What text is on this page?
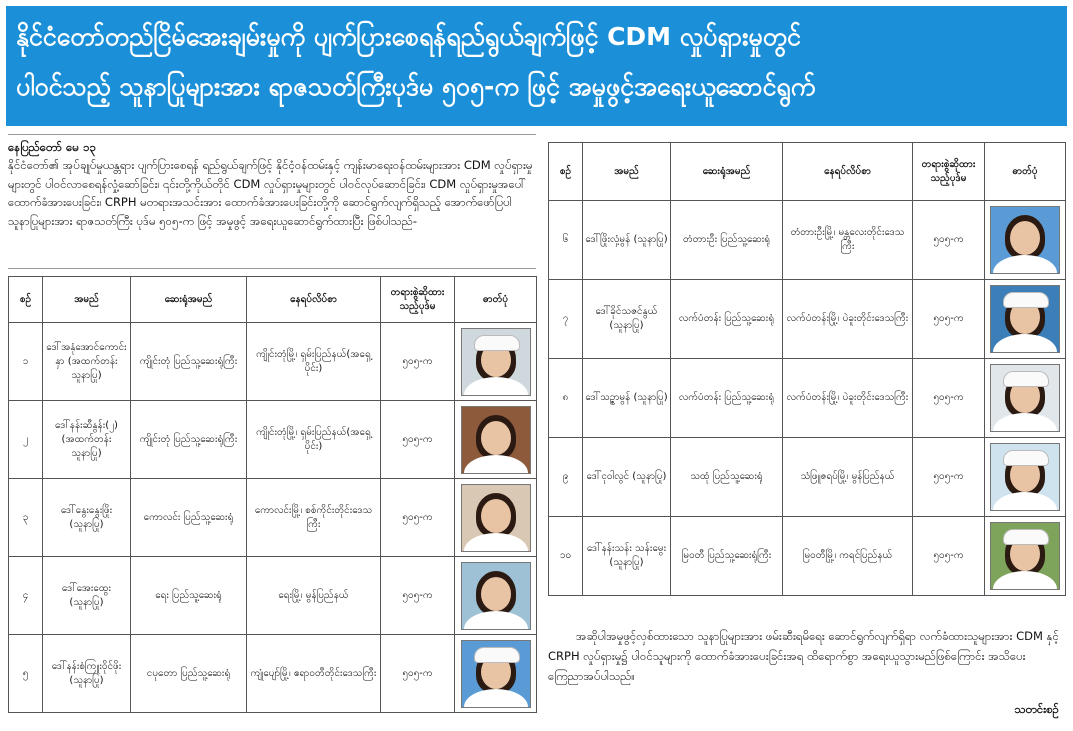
နိုင်ငံတော်တည်ငြိမ်အေးချမ်းမှုကို ပျက်ပြားစေရန်ရည်ရွယ်ချက်ဖြင့် CDM လှုပ်ရှားမှုတွင်
ပါဝင်သည့် သူနာပြုများအား ရာဇသတ်ကြီးပုဒ်မ ၅၀၅-က ဖြင့် အမှုဖွင့်အရေးယူဆောင်ရွက်
နေပြည်တော် မေ ၁၃
နိုင်ငံတော်၏ အုပ်ချုပ်မှုယန္တရား ပျက်ပြားစေရန် ရည်ရွယ်ချက်ဖြင့် နိုင်ငံ့ဝန်ထမ်းနှင့် ကျန်းမာရေးဝန်ထမ်းများအား CDM လှုပ်ရှားမှုများတွင် ပါဝင်လာစေရန်လှုံ့ဆော်ခြင်း၊ ၎င်းတို့ကိုယ်တိုင် CDM လှုပ်ရှားမှုများတွင် ပါဝင်လုပ်ဆောင်ခြင်း၊ CDM လှုပ်ရှားမှုအပေါ် ထောက်ခံအားပေးခြင်း၊ CRPH မတရားအသင်းအား ထောက်ခံအားပေးခြင်းတို့ကို ဆောင်ရွက်လျက်ရှိသည့် အောက်ဖော်ပြပါ သူနာပြုများအား ရာဇသတ်ကြီး ပုဒ်မ ၅၀၅-က ဖြင့် အမှုဖွင့် အရေးယူဆောင်ရွက်ထားပြီး ဖြစ်ပါသည်-
စဉ်	အမည်	ဆေးရုံအမည်	နေရပ်လိပ်စာ	တရားစွဲဆိုထားသည့်ပုဒ်မ	ဓာတ်ပုံ
၁	ဒေါ်အနုံအောင်ကောင်းနှာ (အထက်တန်း သူနာပြု)	ကျိုင်းတုံ ပြည်သူ့ဆေးရုံကြီး	ကျိုင်းတုံမြို့၊ ရှမ်းပြည်နယ်(အရှေ့ပိုင်း)	၅၀၅-က	

၂	ဒေါ်နန်းဆီနွန်း(၂) (အထက်တန်း သူနာပြု)	ကျိုင်းတုံ ပြည်သူ့ဆေးရုံကြီး	ကျိုင်းတုံမြို့၊ ရှမ်းပြည်နယ်(အရှေ့ပိုင်း)	၅၀၅-က	

၃	ဒေါ်နွေးနွေးဖြိုး (သူနာပြု)	ကောလင်း ပြည်သူ့ဆေးရုံ	ကောလင်းမြို့၊ စစ်ကိုင်းတိုင်းဒေသကြီး	၅၀၅-က	

၄	ဒေါ်အေးထွေး (သူနာပြု)	ရေး ပြည်သူ့ဆေးရုံ	ရေးမြို့၊ မွန်ပြည်နယ်	၅၀၅-က	

၅	ဒေါ်နန်းစံကြူးဝိုင်ဖိုး (သူနာပြု)	ငပုတော ပြည်သူ့ဆေးရုံ	ကျုံပျော်မြို့၊ ဧရာဝတီတိုင်းဒေသကြီး	၅၀၅-က	
စဉ်	အမည်	ဆေးရုံအမည်	နေရပ်လိပ်စာ	တရားစွဲဆိုထားသည့်ပုဒ်မ	ဓာတ်ပုံ
၆	ဒေါ်ဖြိုးလှံ့မွန် (သူနာပြု)	တံတားဦး ပြည်သူ့ဆေးရုံ	တံတားဦးမြို့၊ မန္တလေးတိုင်းဒေသကြီး	၅၀၅-က	

၇	ဒေါ်ခိုင်သဇင်နွယ် (သူနာပြု)	လက်ပံတန်း ပြည်သူ့ဆေးရုံ	လက်ပံတန်းမြို့၊ ပဲခူးတိုင်းဒေသကြီး	၅၀၅-က	

၈	ဒေါ်သဉ္ဇာမွန် (သူနာပြု)	လက်ပံတန်း ပြည်သူ့ဆေးရုံ	လက်ပံတန်းမြို့၊ ပဲခူးတိုင်းဒေသကြီး	၅၀၅-က	

၉	ဒေါ်ငုဝါလွင် (သူနာပြု)	သထုံ ပြည်သူ့ဆေးရုံ	သံဖြူဇရပ်မြို့၊ မွန်ပြည်နယ်	၅၀၅-က	

၁၀	ဒေါ်နန်းသန်း သန်းမွေး (သူနာပြု)	မြဝတီ ပြည်သူ့ဆေးရုံကြီး	မြဝတီမြို့၊ ကရင်ပြည်နယ်	၅၀၅-က	
အဆိုပါအမှုဖွင့်လှစ်ထားသော သူနာပြုများအား ဖမ်းဆီးရမိရေး ဆောင်ရွက်လျက်ရှိရာ လက်ခံထားသူများအား CDM နှင့် CRPH လှုပ်ရှားမှု၌ ပါဝင်သူများကို ထောက်ခံအားပေးခြင်းအရ ထိရောက်စွာ အရေးယူသွားမည်ဖြစ်ကြောင်း အသိပေး ကြေညာအပ်ပါသည်။
သတင်းစဉ်
